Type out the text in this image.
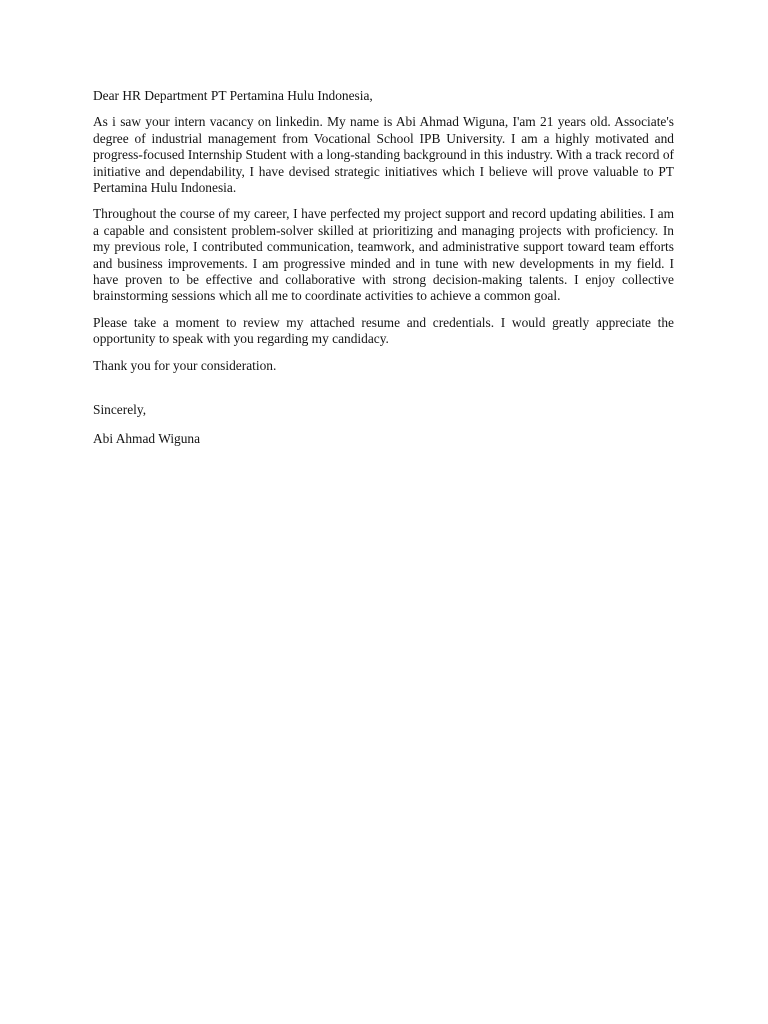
Dear HR Department PT Pertamina Hulu Indonesia,

As i saw your intern vacancy on linkedin. My name is Abi Ahmad Wiguna, I'am 21 years old. Associate's degree of industrial management from Vocational School IPB University. I am a highly motivated and progress-focused Internship Student with a long-standing background in this industry. With a track record of initiative and dependability, I have devised strategic initiatives which I believe will prove valuable to PT Pertamina Hulu Indonesia.

Throughout the course of my career, I have perfected my project support and record updating abilities. I am a capable and consistent problem-solver skilled at prioritizing and managing projects with proficiency. In my previous role, I contributed communication, teamwork, and administrative support toward team efforts and business improvements. I am progressive minded and in tune with new developments in my field. I have proven to be effective and collaborative with strong decision-making talents. I enjoy collective brainstorming sessions which all me to coordinate activities to achieve a common goal.

Please take a moment to review my attached resume and credentials. I would greatly appreciate the opportunity to speak with you regarding my candidacy.

Thank you for your consideration.

Sincerely,

Abi Ahmad Wiguna
